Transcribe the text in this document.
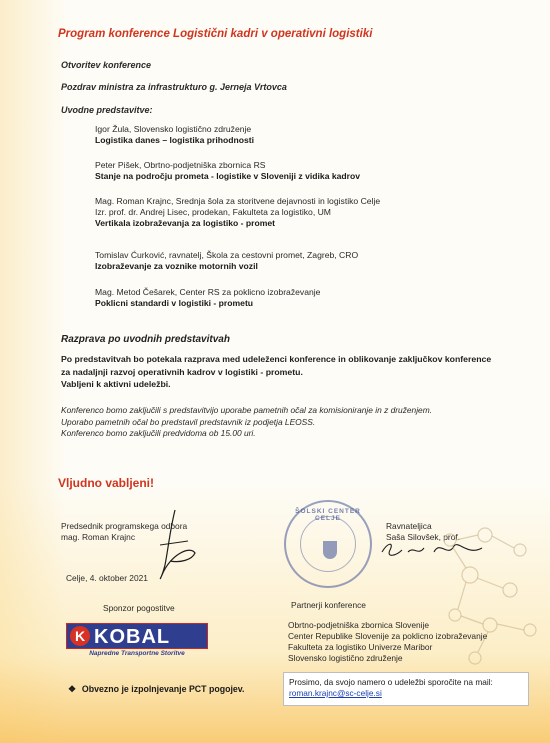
Program konference Logistični kadri v operativni logistiki
Otvoritev konference
Pozdrav ministra za infrastrukturo g. Jerneja Vrtovca
Uvodne predstavitve:
Igor Žula, Slovensko logistično združenje
Logistika danes – logistika prihodnosti
Peter Pišek, Obrtno-podjetniška zbornica RS
Stanje na področju prometa - logistike v Sloveniji z vidika kadrov
Mag. Roman Krajnc, Srednja šola za storitvene dejavnosti in logistiko Celje
Izr. prof. dr. Andrej Lisec, prodekan, Fakulteta za logistiko, UM
Vertikala izobraževanja za logistiko - promet
Tomislav Ćurković, ravnatelj, Škola za cestovni promet, Zagreb, CRO
Izobraževanje za voznike motornih vozil
Mag. Metod Češarek, Center RS za poklicno izobraževanje
Poklicni standardi v logistiki - prometu
Razprava po uvodnih predstavitvah
Po predstavitvah bo potekala razprava med udeleženci konference in oblikovanje zaključkov konference za nadaljnji razvoj operativnih kadrov v logistiki - prometu.
Vabljeni k aktivni udeležbi.
Konferenco bomo zaključili s predstavitvijo uporabe pametnih očal za komisioniranje in z druženjem.
Uporabo pametnih očal bo predstavil predstavnik iz podjetja LEOSS.
Konferenco bomo zaključili predvidoma ob 15.00 uri.
Vljudno vabljeni!
Predsednik programskega odbora
mag. Roman Krajnc
ŠOLSKI CENTER CELJE
Ravnateljica
Saša Silovšek, prof.
Celje, 4. oktober 2021
Sponzor pogostitve
K KOBAL
Napredne Transportne Storitve
Partnerji konference
Obrtno-podjetniška zbornica Slovenije
Center Republike Slovenije za poklicno izobraževanje
Fakulteta za logistiko Univerze Maribor
Slovensko logistično združenje
❖ Obvezno je izpolnjevanje PCT pogojev.
Prosimo, da svojo namero o udeležbi sporočite na mail:
roman.krajnc@sc-celje.si
